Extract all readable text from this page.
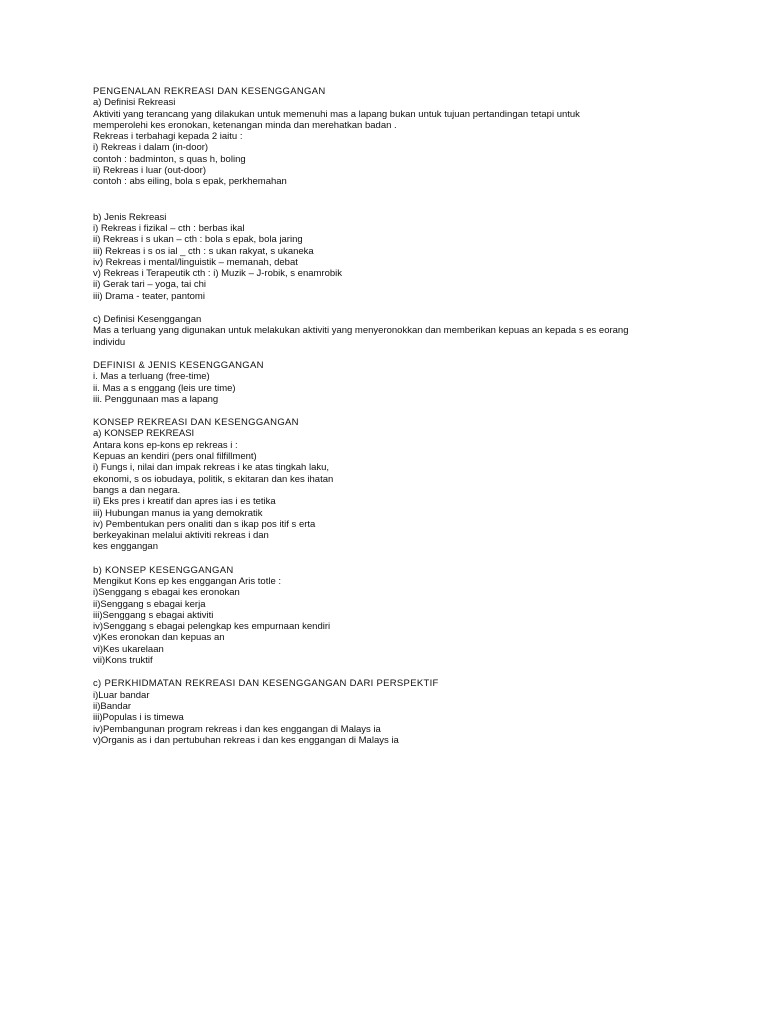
PENGENALAN REKREASI DAN KESENGGANGAN

a) Definisi Rekreasi

Aktiviti yang terancang yang dilakukan untuk memenuhi mas a lapang bukan untuk tujuan pertandingan tetapi untuk

memperolehi kes eronokan, ketenangan minda dan merehatkan badan .

Rekreas i terbahagi kepada 2 iaitu :

i) Rekreas i dalam (in-door)

contoh : badminton, s quas h, boling

ii) Rekreas i luar (out-door)

contoh : abs eiling, bola s epak, perkhemahan

b) Jenis Rekreasi

i) Rekreas i fizikal – cth : berbas ikal

ii) Rekreas i s ukan – cth : bola s epak, bola jaring

iii) Rekreas i s os ial _ cth : s ukan rakyat, s ukaneka

iv) Rekreas i mental/linguistik – memanah, debat

v) Rekreas i Terapeutik cth : i) Muzik – J-robik, s enamrobik

ii) Gerak tari – yoga, tai chi

iii) Drama - teater, pantomi

c) Definisi Kesenggangan

Mas a terluang yang digunakan untuk melakukan aktiviti yang menyeronokkan dan memberikan kepuas an kepada s es eorang

individu

DEFINISI & JENIS KESENGGANGAN

i. Mas a terluang (free-time)

ii. Mas a s enggang (leis ure time)

iii. Penggunaan mas a lapang

KONSEP REKREASI DAN KESENGGANGAN

a) KONSEP REKREASI

Antara kons ep-kons ep rekreas i :

Kepuas an kendiri (pers onal filfillment)

i) Fungs i, nilai dan impak rekreas i ke atas tingkah laku,

ekonomi, s os iobudaya, politik, s ekitaran dan kes ihatan

bangs a dan negara.

ii) Eks pres i kreatif dan apres ias i es tetika

iii) Hubungan manus ia yang demokratik

iv) Pembentukan pers onaliti dan s ikap pos itif s erta

berkeyakinan melalui aktiviti rekreas i dan

kes enggangan

b) KONSEP KESENGGANGAN

Mengikut Kons ep kes enggangan Aris totle :

i)Senggang s ebagai kes eronokan

ii)Senggang s ebagai kerja

iii)Senggang s ebagai aktiviti

iv)Senggang s ebagai pelengkap kes empurnaan kendiri

v)Kes eronokan dan kepuas an

vi)Kes ukarelaan

vii)Kons truktif

c) PERKHIDMATAN REKREASI DAN KESENGGANGAN DARI PERSPEKTIF

i)Luar bandar

ii)Bandar

iii)Populas i is timewa

iv)Pembangunan program rekreas i dan kes enggangan di Malays ia

v)Organis as i dan pertubuhan rekreas i dan kes enggangan di Malays ia
